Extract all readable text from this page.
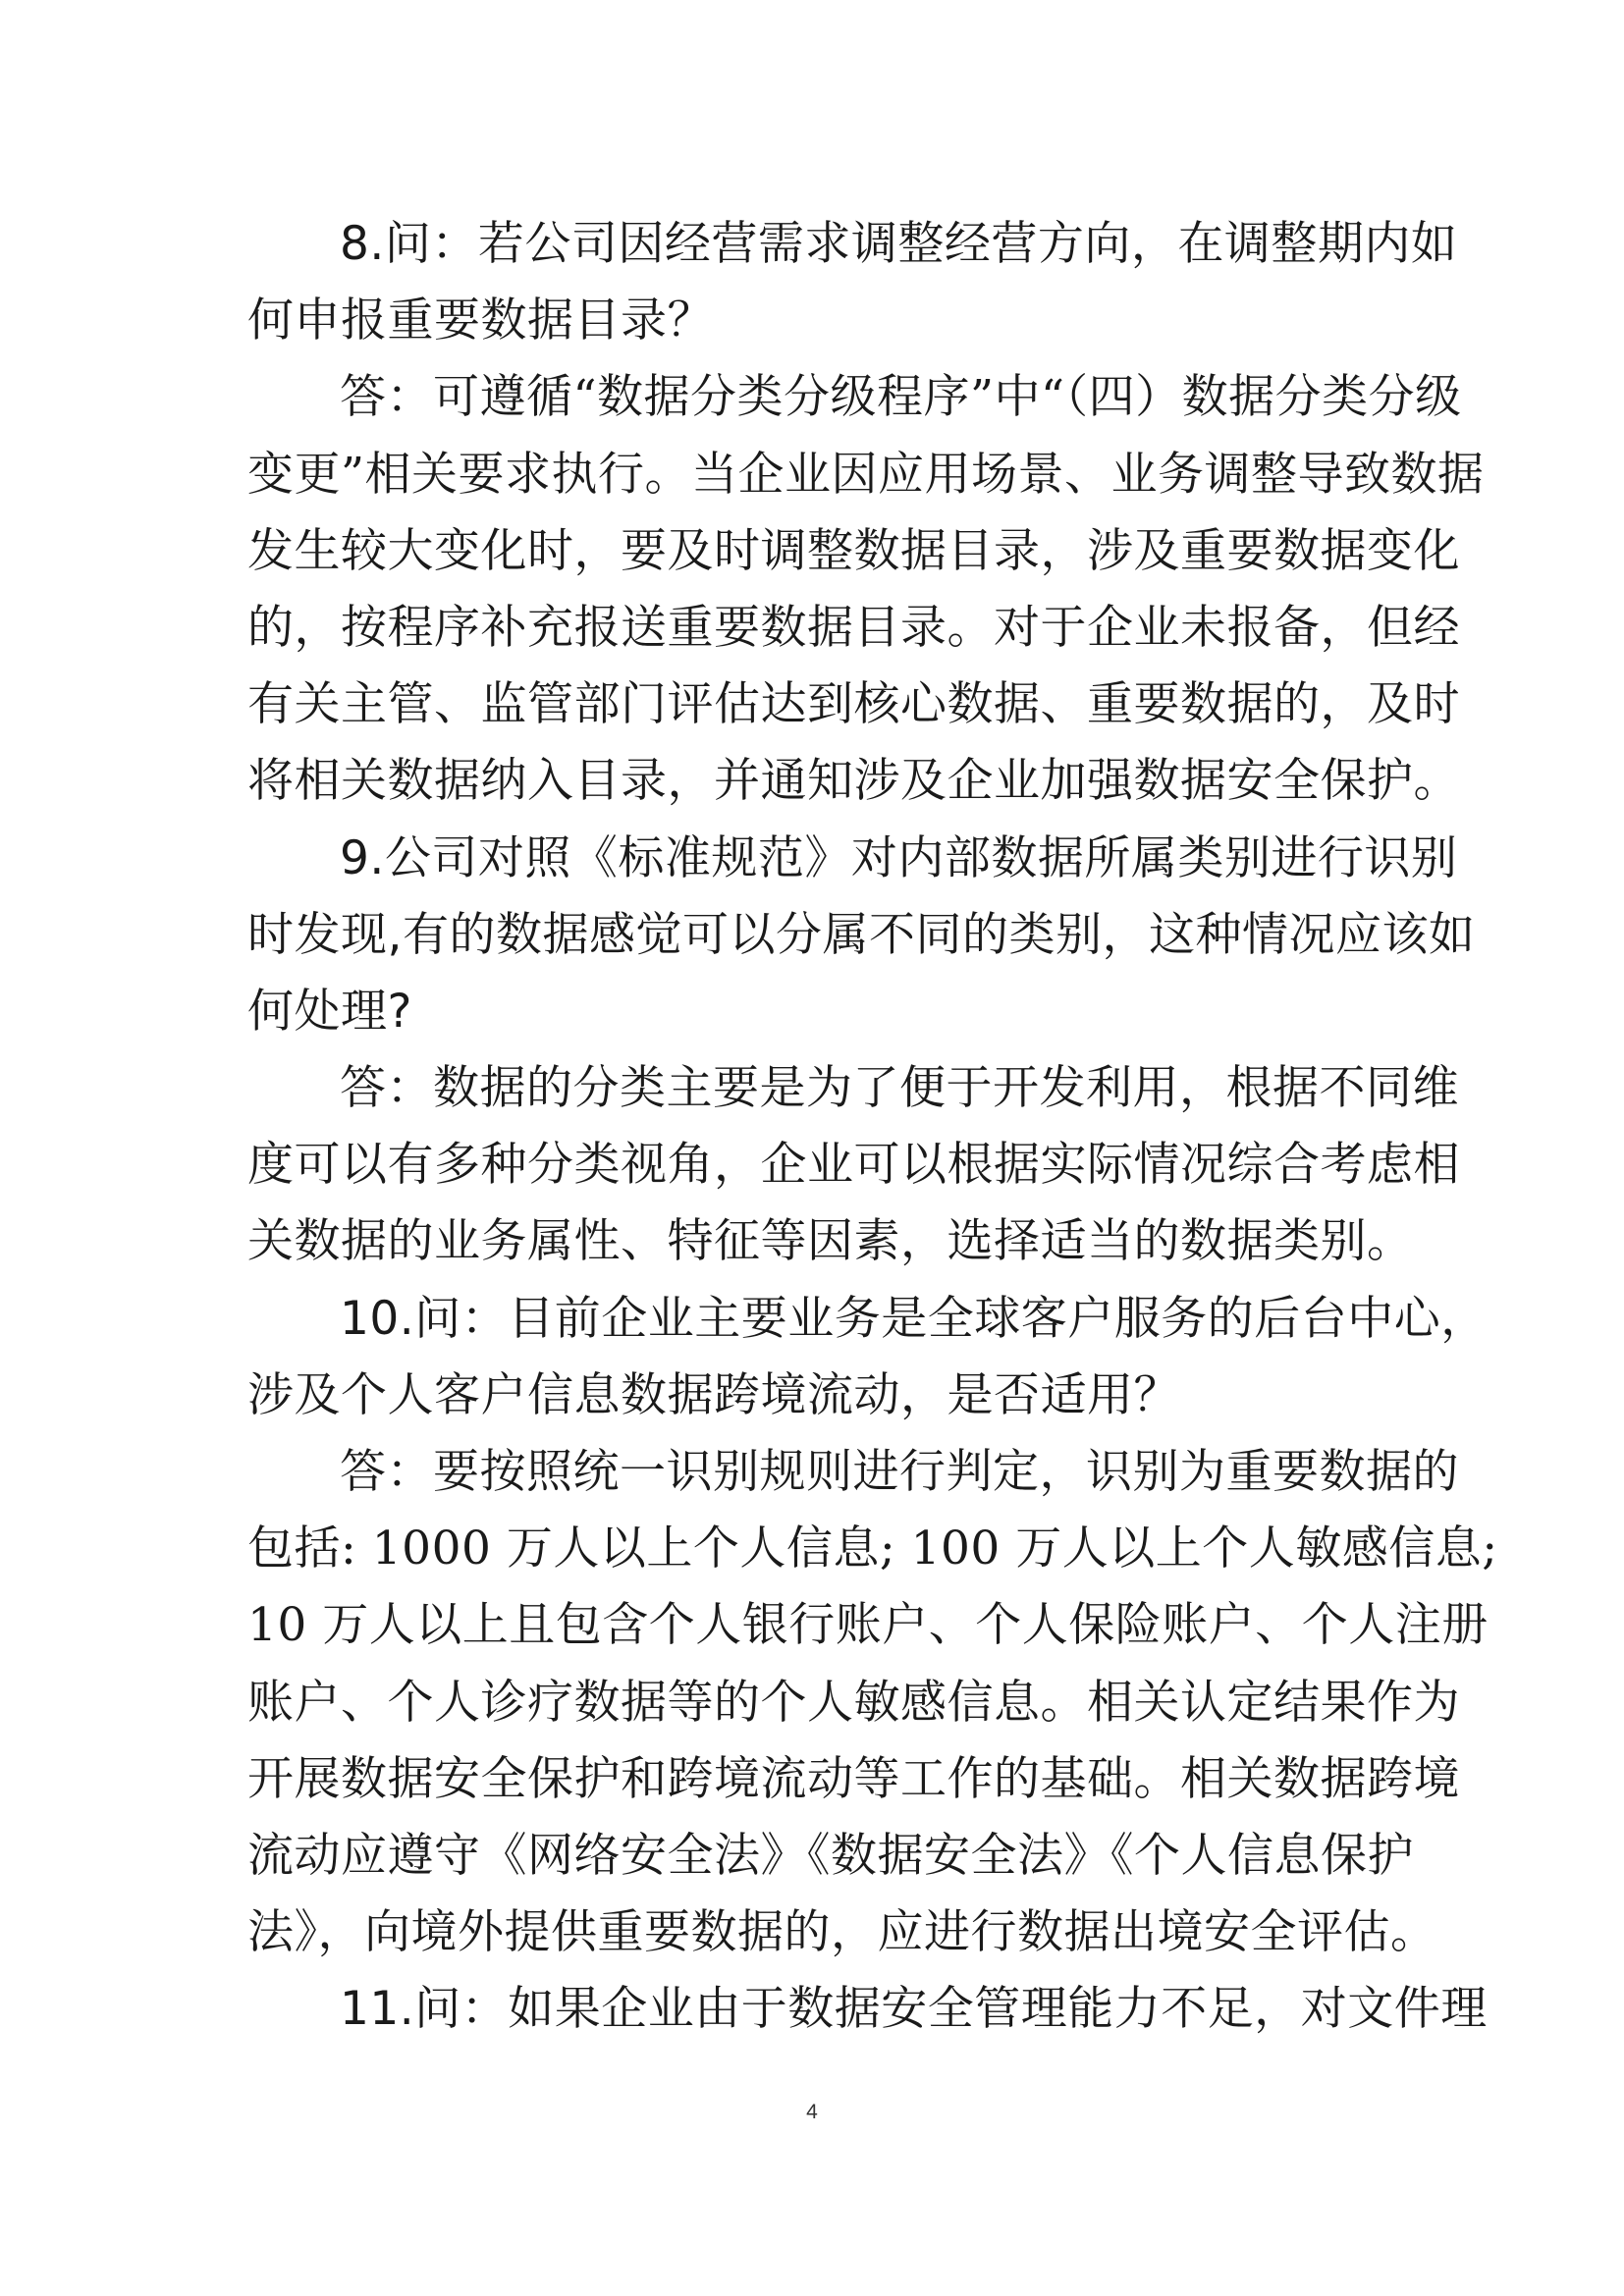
8.问：若公司因经营需求调整经营方向，在调整期内如
何申报重要数据目录？
答：可遵循“数据分类分级程序”中“（四）数据分类分级
变更”相关要求执行。当企业因应用场景、业务调整导致数据
发生较大变化时，要及时调整数据目录，涉及重要数据变化
的，按程序补充报送重要数据目录。对于企业未报备，但经
有关主管、监管部门评估达到核心数据、重要数据的，及时
将相关数据纳入目录，并通知涉及企业加强数据安全保护。
9.公司对照《标准规范》对内部数据所属类别进行识别
时发现,有的数据感觉可以分属不同的类别，这种情况应该如
何处理?
答：数据的分类主要是为了便于开发利用，根据不同维
度可以有多种分类视角，企业可以根据实际情况综合考虑相
关数据的业务属性、特征等因素，选择适当的数据类别。
10.问：目前企业主要业务是全球客户服务的后台中心，
涉及个人客户信息数据跨境流动，是否适用？
答：要按照统一识别规则进行判定，识别为重要数据的
包括: 1000 万人以上个人信息; 100 万人以上个人敏感信息;
10 万人以上且包含个人银行账户、个人保险账户、个人注册
账户、个人诊疗数据等的个人敏感信息。相关认定结果作为
开展数据安全保护和跨境流动等工作的基础。相关数据跨境
流动应遵守《网络安全法》《数据安全法》《个人信息保护
法》，向境外提供重要数据的，应进行数据出境安全评估。
11.问：如果企业由于数据安全管理能力不足，对文件理
4
